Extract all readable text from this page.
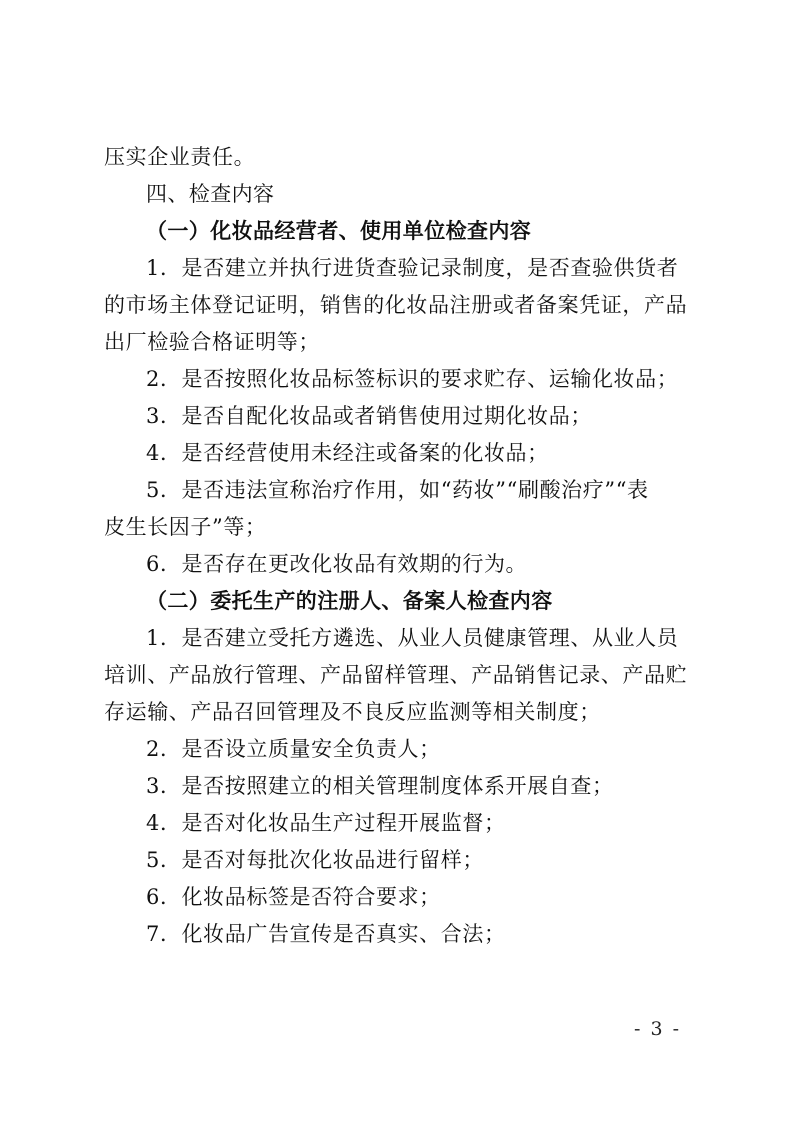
压实企业责任。
四、检查内容
（一）化妆品经营者、使用单位检查内容
1．是否建立并执行进货查验记录制度，是否查验供货者
的市场主体登记证明，销售的化妆品注册或者备案凭证，产品
出厂检验合格证明等；
2．是否按照化妆品标签标识的要求贮存、运输化妆品；
3．是否自配化妆品或者销售使用过期化妆品；
4．是否经营使用未经注或备案的化妆品；
5．是否违法宣称治疗作用，如“药妆”“刷酸治疗”“表
皮生长因子”等；
6．是否存在更改化妆品有效期的行为。
（二）委托生产的注册人、备案人检查内容
1．是否建立受托方遴选、从业人员健康管理、从业人员
培训、产品放行管理、产品留样管理、产品销售记录、产品贮
存运输、产品召回管理及不良反应监测等相关制度；
2．是否设立质量安全负责人；
3．是否按照建立的相关管理制度体系开展自查；
4．是否对化妆品生产过程开展监督；
5．是否对每批次化妆品进行留样；
6．化妆品标签是否符合要求；
7．化妆品广告宣传是否真实、合法；
- 3 -
